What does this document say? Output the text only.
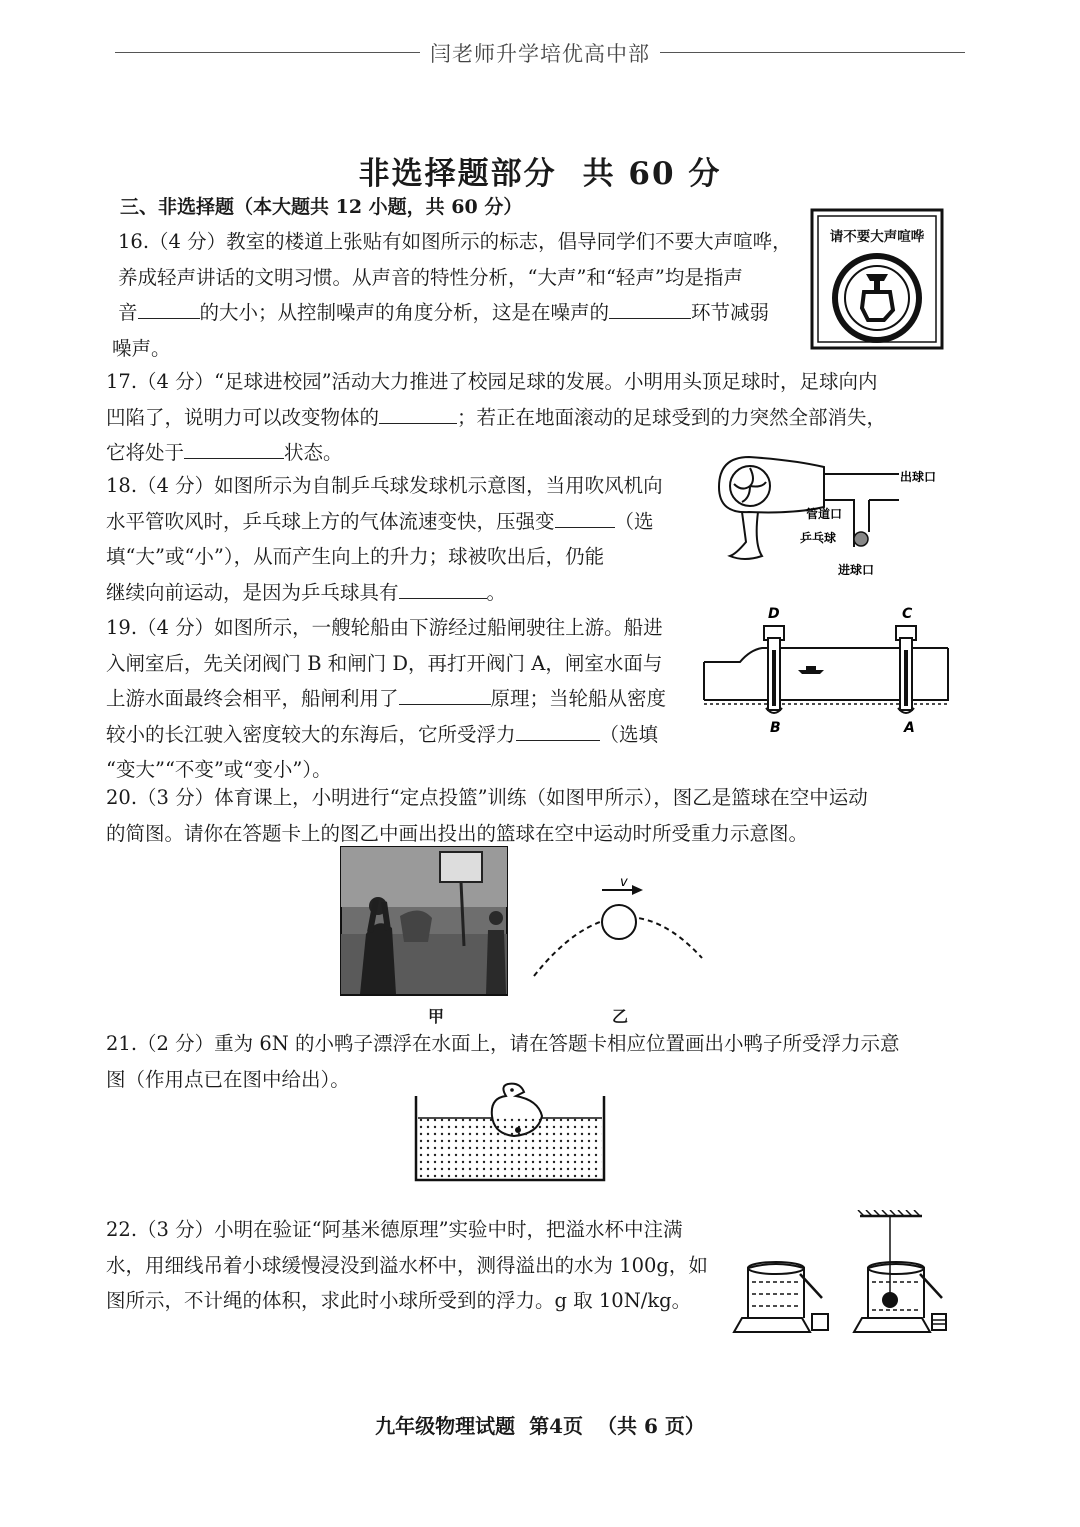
闫老师升学培优高中部
非选择题部分 共 60 分
三、非选择题（本大题共 12 小题，共 60 分）
16.（4 分）教室的楼道上张贴有如图所示的标志，倡导同学们不要大声喧哗，
养成轻声讲话的文明习惯。从声音的特性分析，“大声”和“轻声”均是指声
音	的大小；从控制噪声的角度分析，这是在噪声的	环节减弱
噪声。
请不要大声喧哗
17.（4 分）“足球进校园”活动大力推进了校园足球的发展。小明用头顶足球时，足球向内
凹陷了，说明力可以改变物体的	；若正在地面滚动的足球受到的力突然全部消失，
它将处于	状态。
18.（4 分）如图所示为自制乒乓球发球机示意图，当用吹风机向
水平管吹风时，乒乓球上方的气体流速变快，压强变	（选
填“大”或“小”），从而产生向上的升力；球被吹出后，仍能
继续向前运动，是因为乒乓球具有	。
出球口
管道口
乒乓球
进球口
19.（4 分）如图所示，一艘轮船由下游经过船闸驶往上游。船进
入闸室后，先关闭阀门 B 和闸门 D，再打开阀门 A，闸室水面与
上游水面最终会相平，船闸利用了	原理；当轮船从密度
较小的长江驶入密度较大的东海后，它所受浮力	（选填
“变大”“不变”或“变小”）。
D	C
B	A
20.（3 分）体育课上，小明进行“定点投篮”训练（如图甲所示），图乙是篮球在空中运动
的简图。请你在答题卡上的图乙中画出投出的篮球在空中运动时所受重力示意图。
v
甲	乙
21.（2 分）重为 6N 的小鸭子漂浮在水面上，请在答题卡相应位置画出小鸭子所受浮力示意
图（作用点已在图中给出）。
22.（3 分）小明在验证“阿基米德原理”实验中时，把溢水杯中注满
水，用细线吊着小球缓慢浸没到溢水杯中，测得溢出的水为 100g，如
图所示，不计绳的体积，求此时小球所受到的浮力。g 取 10N/kg。
九年级物理试题 第4页 （共 6 页）
